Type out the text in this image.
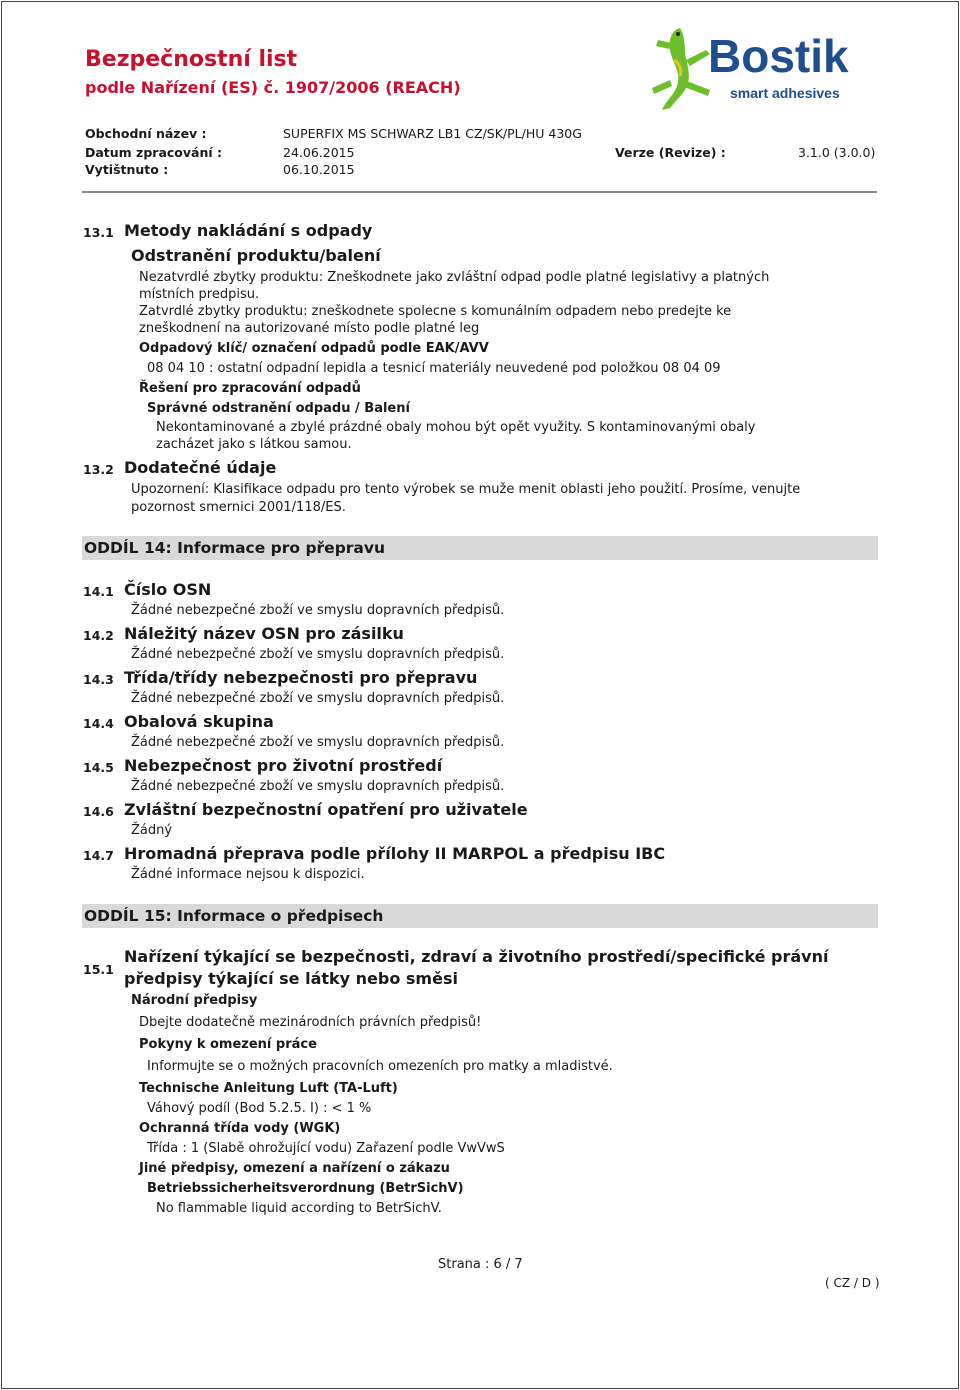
Bezpečnostní list
podle Nařízení (ES) č. 1907/2006 (REACH)
Bostik
smart adhesives
Obchodní název :	SUPERFIX MS SCHWARZ LB1 CZ/SK/PL/HU 430G
Datum zpracování :	24.06.2015	Verze (Revize) :	3.1.0 (3.0.0)
Vytištnuto :	06.10.2015
13.1 Metody nakládání s odpady
Odstranění produktu/balení
Nezatvrdlé zbytky produktu: Zneškodnete jako zvláštní odpad podle platné legislativy a platných
místních predpisu.
Zatvrdlé zbytky produktu: zneškodnete spolecne s komunálním odpadem nebo predejte ke
zneškodnení na autorizované místo podle platné leg
Odpadový klíč/ označení odpadů podle EAK/AVV
08 04 10 : ostatní odpadní lepidla a tesnicí materiály neuvedené pod položkou 08 04 09
Řešení pro zpracování odpadů
Správné odstranění odpadu / Balení
Nekontaminované a zbylé prázdné obaly mohou být opět využity. S kontaminovanými obaly
zacházet jako s látkou samou.
13.2 Dodatečné údaje
Upozornení: Klasifikace odpadu pro tento výrobek se muže menit oblasti jeho použití. Prosíme, venujte
pozornost smernici 2001/118/ES.
ODDÍL 14: Informace pro přepravu
14.1 Číslo OSN
Žádné nebezpečné zboží ve smyslu dopravních předpisů.
14.2 Náležitý název OSN pro zásilku
Žádné nebezpečné zboží ve smyslu dopravních předpisů.
14.3 Třída/třídy nebezpečnosti pro přepravu
Žádné nebezpečné zboží ve smyslu dopravních předpisů.
14.4 Obalová skupina
Žádné nebezpečné zboží ve smyslu dopravních předpisů.
14.5 Nebezpečnost pro životní prostředí
Žádné nebezpečné zboží ve smyslu dopravních předpisů.
14.6 Zvláštní bezpečnostní opatření pro uživatele
Žádný
14.7 Hromadná přeprava podle přílohy II MARPOL a předpisu IBC
Žádné informace nejsou k dispozici.
ODDÍL 15: Informace o předpisech
15.1
Nařízení týkající se bezpečnosti, zdraví a životního prostředí/specifické právní
předpisy týkající se látky nebo směsi
Národní předpisy
Dbejte dodatečně mezinárodních právních předpisů!
Pokyny k omezení práce
Informujte se o možných pracovních omezeních pro matky a mladistvé.
Technische Anleitung Luft (TA-Luft)
Váhový podíl (Bod 5.2.5. I) : < 1 %
Ochranná třída vody (WGK)
Třída : 1 (Slabě ohrožující vodu) Zařazení podle VwVwS
Jiné předpisy, omezení a nařízení o zákazu
Betriebssicherheitsverordnung (BetrSichV)
No flammable liquid according to BetrSichV.
Strana : 6 / 7
( CZ / D )
